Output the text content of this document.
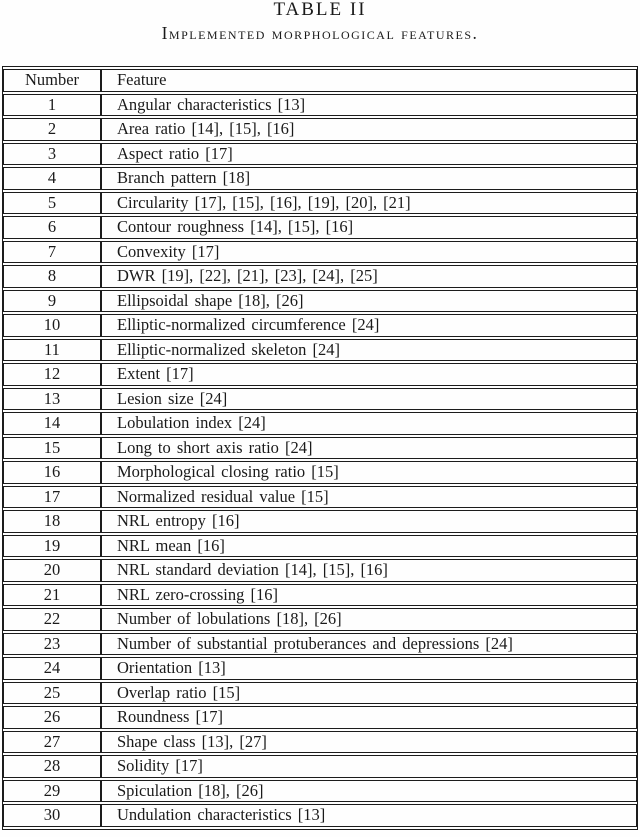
TABLE II
Implemented morphological features.
Number	Feature
1	Angular characteristics [13]
2	Area ratio [14], [15], [16]
3	Aspect ratio [17]
4	Branch pattern [18]
5	Circularity [17], [15], [16], [19], [20], [21]
6	Contour roughness [14], [15], [16]
7	Convexity [17]
8	DWR [19], [22], [21], [23], [24], [25]
9	Ellipsoidal shape [18], [26]
10	Elliptic-normalized circumference [24]
11	Elliptic-normalized skeleton [24]
12	Extent [17]
13	Lesion size [24]
14	Lobulation index [24]
15	Long to short axis ratio [24]
16	Morphological closing ratio [15]
17	Normalized residual value [15]
18	NRL entropy [16]
19	NRL mean [16]
20	NRL standard deviation [14], [15], [16]
21	NRL zero-crossing [16]
22	Number of lobulations [18], [26]
23	Number of substantial protuberances and depressions [24]
24	Orientation [13]
25	Overlap ratio [15]
26	Roundness [17]
27	Shape class [13], [27]
28	Solidity [17]
29	Spiculation [18], [26]
30	Undulation characteristics [13]
